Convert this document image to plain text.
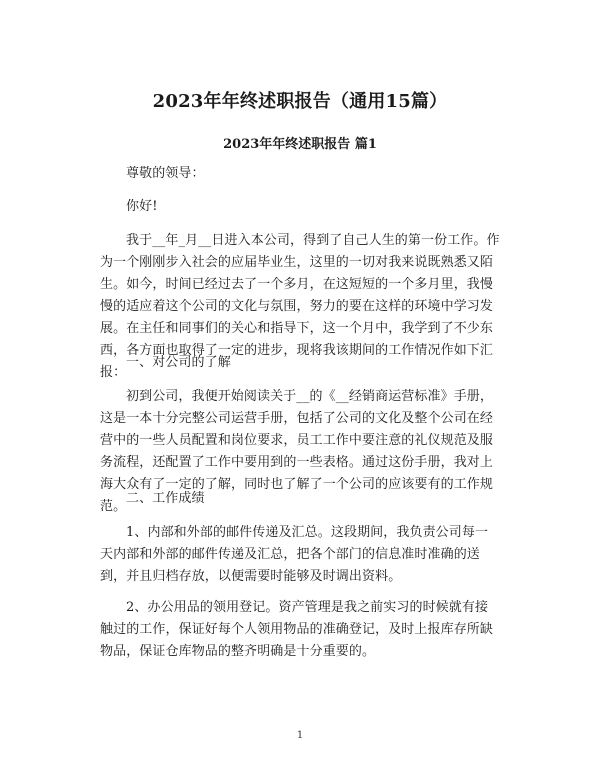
2023年年终述职报告（通用15篇）
2023年年终述职报告 篇1

尊敬的领导：

你好!

我于__年_月__日进入本公司，得到了自己人生的第一份工作。作为一个刚刚步入社会的应届毕业生，这里的一切对我来说既熟悉又陌生。如今，时间已经过去了一个多月，在这短短的一个多月里，我慢慢的适应着这个公司的文化与氛围，努力的要在这样的环境中学习发展。在主任和同事们的关心和指导下，这一个月中，我学到了不少东西，各方面也取得了一定的进步，现将我该期间的工作情况作如下汇报：

一、对公司的了解

初到公司，我便开始阅读关于__的《__经销商运营标准》手册，这是一本十分完整公司运营手册，包括了公司的文化及整个公司在经营中的一些人员配置和岗位要求，员工工作中要注意的礼仪规范及服务流程，还配置了工作中要用到的一些表格。通过这份手册，我对上海大众有了一定的了解，同时也了解了一个公司的应该要有的工作规范。

二、工作成绩

1、内部和外部的邮件传递及汇总。这段期间，我负责公司每一天内部和外部的邮件传递及汇总，把各个部门的信息准时准确的送到，并且归档存放，以便需要时能够及时调出资料。

2、办公用品的领用登记。资产管理是我之前实习的时候就有接触过的工作，保证好每个人领用物品的准确登记，及时上报库存所缺物品，保证仓库物品的整齐明确是十分重要的。

1
